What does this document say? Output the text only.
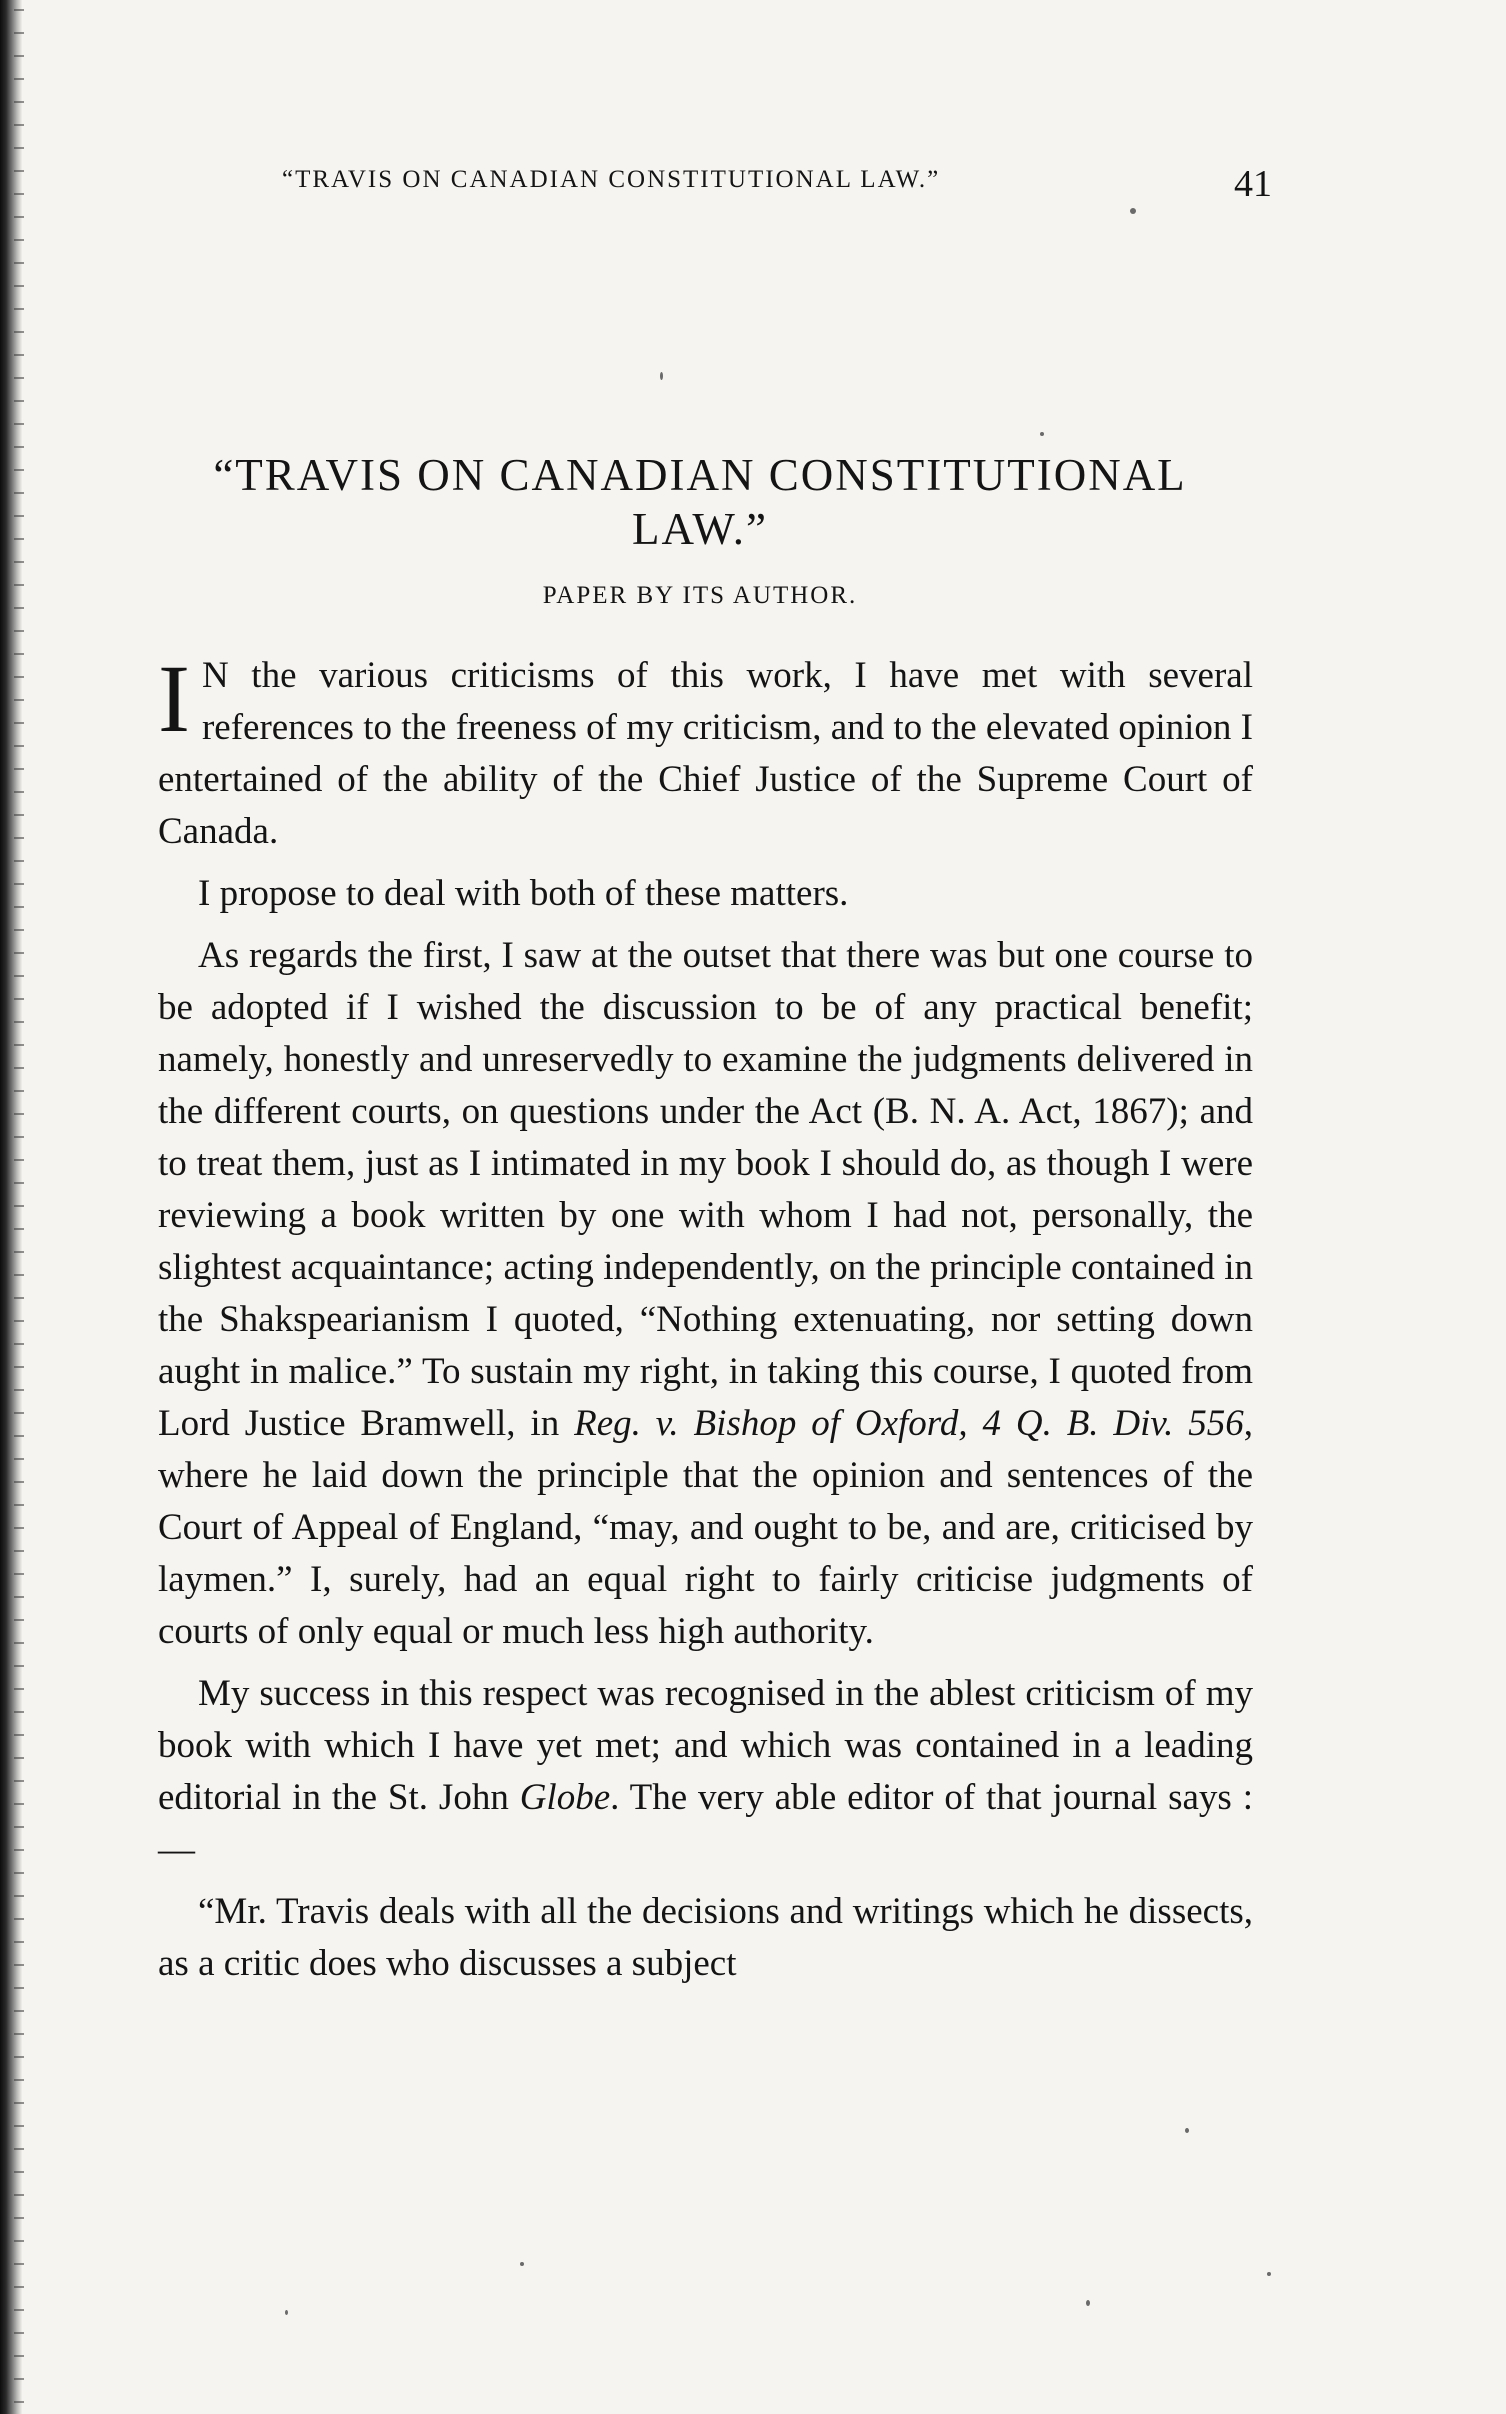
“TRAVIS ON CANADIAN CONSTITUTIONAL LAW.”	41
“TRAVIS ON CANADIAN CONSTITUTIONAL LAW.”
PAPER BY ITS AUTHOR.

I N the various criticisms of this work, I have met with several references to the freeness of my criticism, and to the elevated opinion I entertained of the ability of the Chief Justice of the Supreme Court of Canada.

I propose to deal with both of these matters.

As regards the first, I saw at the outset that there was but one course to be adopted if I wished the discussion to be of any practical benefit; namely, honestly and unreservedly to examine the judgments delivered in the different courts, on questions under the Act (B. N. A. Act, 1867); and to treat them, just as I intimated in my book I should do, as though I were reviewing a book written by one with whom I had not, personally, the slightest acquaintance; acting independently, on the principle contained in the Shakspearianism I quoted, “Nothing extenuating, nor setting down aught in malice.” To sustain my right, in taking this course, I quoted from Lord Justice Bramwell, in Reg. v. Bishop of Oxford, 4 Q. B. Div. 556, where he laid down the principle that the opinion and sentences of the Court of Appeal of England, “may, and ought to be, and are, criticised by laymen.” I, surely, had an equal right to fairly criticise judgments of courts of only equal or much less high authority.

My success in this respect was recognised in the ablest criticism of my book with which I have yet met; and which was contained in a leading editorial in the St. John Globe. The very able editor of that journal says :—

“Mr. Travis deals with all the decisions and writings which he dissects, as a critic does who discusses a subject
